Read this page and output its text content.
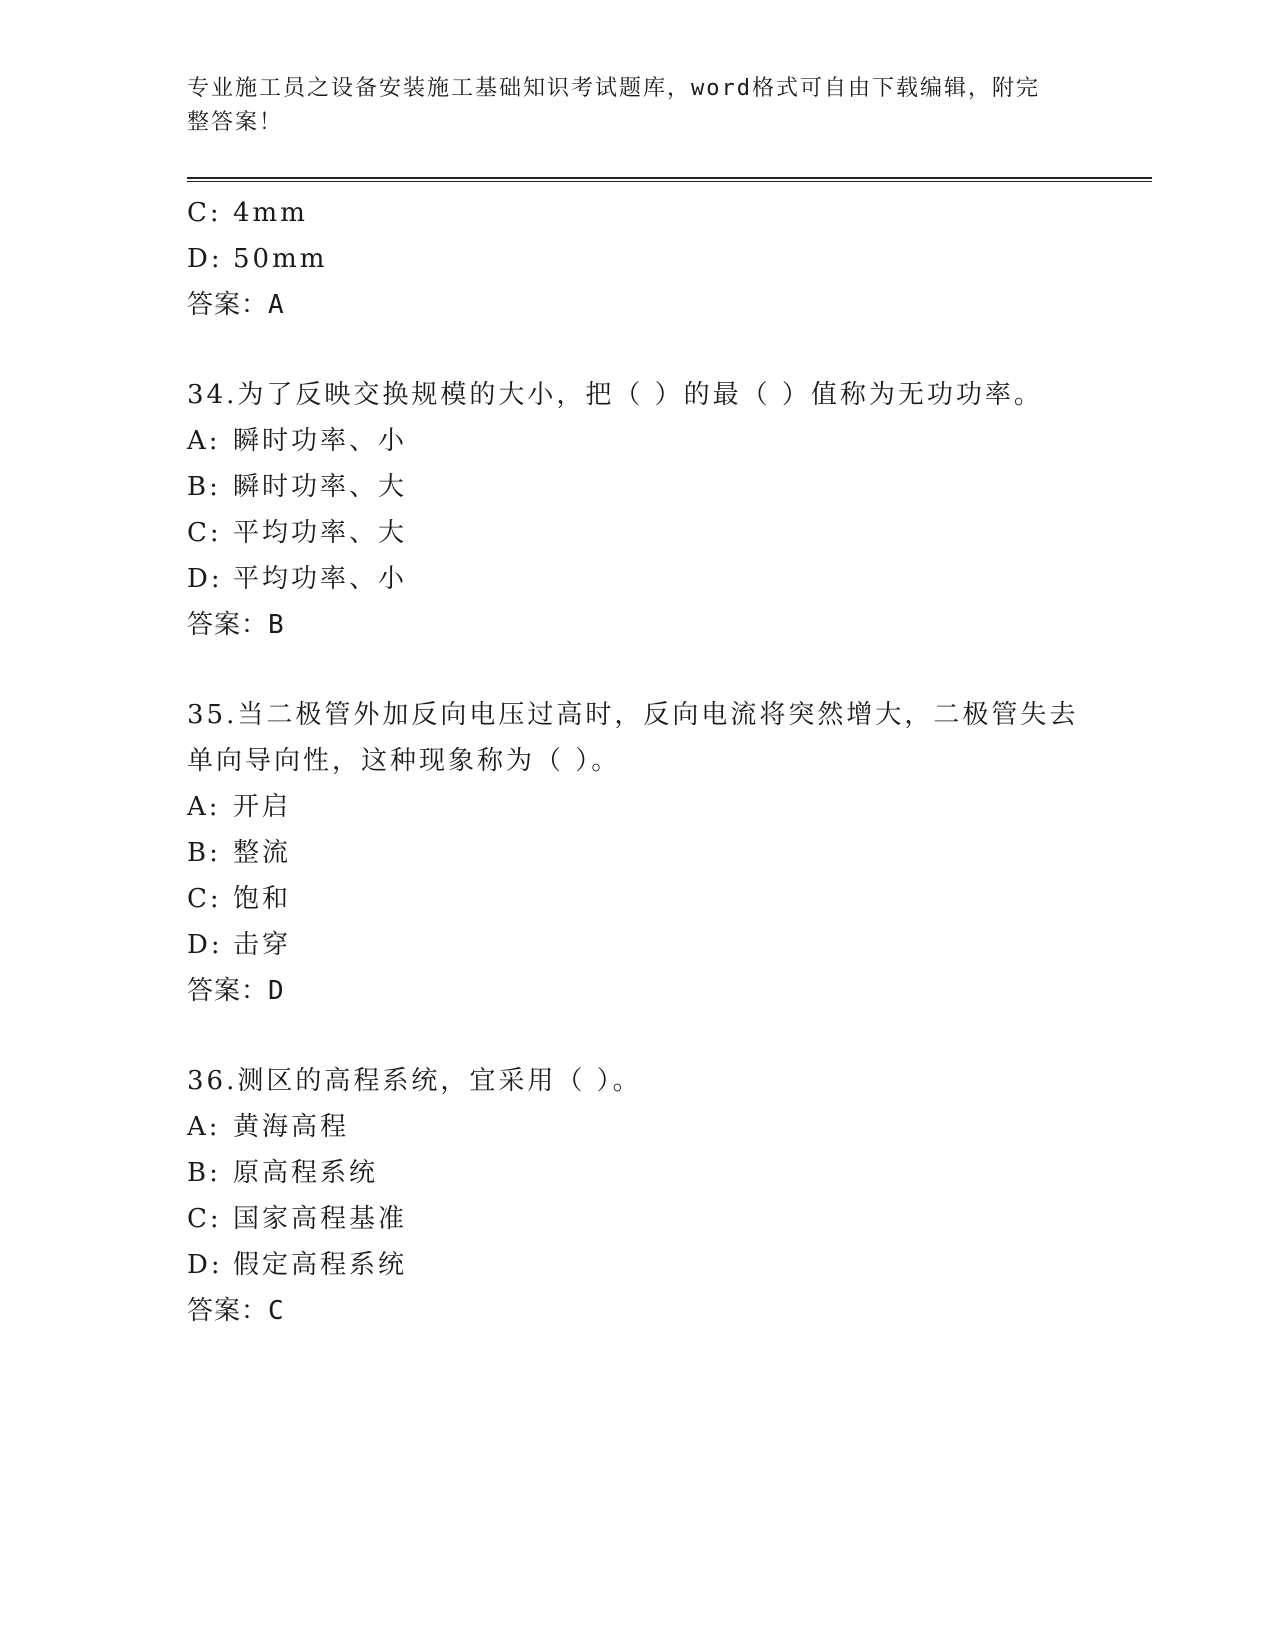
专业施工员之设备安装施工基础知识考试题库，word格式可自由下载编辑，附完
整答案！
C: 4mm
D: 50mm
答案：A
34.为了反映交换规模的大小，把（ ）的最（ ）值称为无功功率。
A: 瞬时功率、小
B: 瞬时功率、大
C: 平均功率、大
D: 平均功率、小
答案：B
35.当二极管外加反向电压过高时，反向电流将突然增大，二极管失去
单向导向性，这种现象称为（ ）。
A: 开启
B: 整流
C: 饱和
D: 击穿
答案：D
36.测区的高程系统，宜采用（ ）。
A: 黄海高程
B: 原高程系统
C: 国家高程基准
D: 假定高程系统
答案：C
